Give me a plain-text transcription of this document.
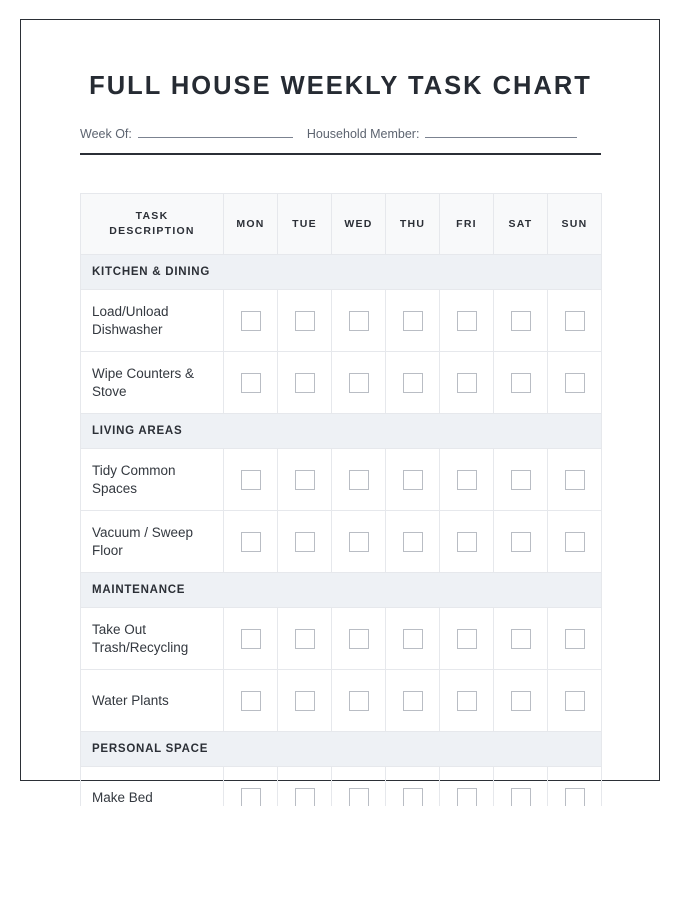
FULL HOUSE WEEKLY TASK CHART
Week Of:	Household Member:
TASK
DESCRIPTION	MON	TUE	WED	THU	FRI	SAT	SUN
KITCHEN & DINING							
Load/Unload Dishwasher							
Wipe Counters & Stove							
LIVING AREAS							
Tidy Common Spaces							
Vacuum / Sweep Floor							
MAINTENANCE							
Take Out Trash/Recycling							
Water Plants							
PERSONAL SPACE							
Make Bed							
